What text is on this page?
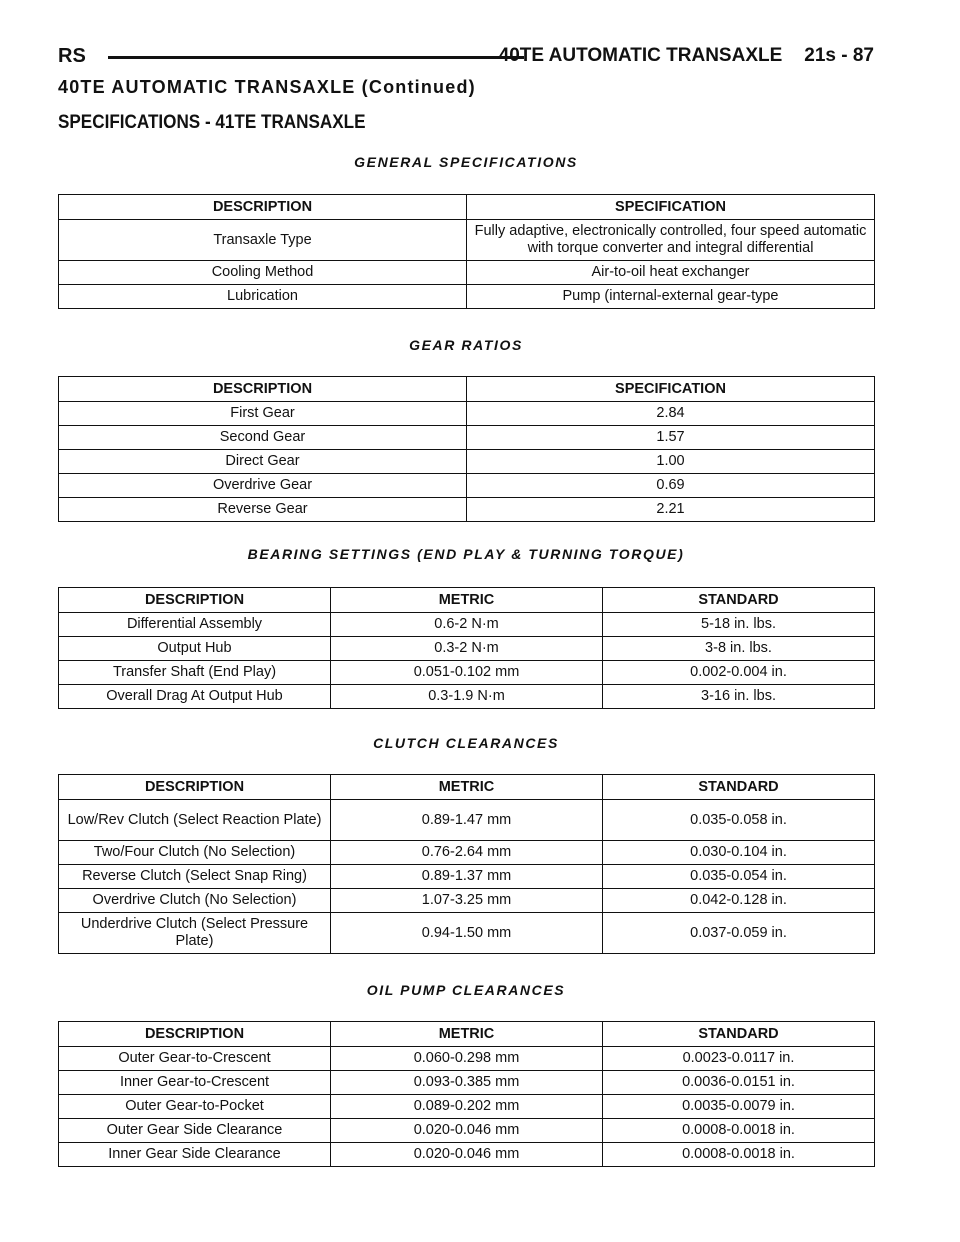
RS	40TE AUTOMATIC TRANSAXLE 21s - 87
40TE AUTOMATIC TRANSAXLE (Continued)
SPECIFICATIONS - 41TE TRANSAXLE
GENERAL SPECIFICATIONS
DESCRIPTION	SPECIFICATION
Transaxle Type	Fully adaptive, electronically controlled, four speed automatic with torque converter and integral differential
Cooling Method	Air-to-oil heat exchanger
Lubrication	Pump (internal-external gear-type
GEAR RATIOS
DESCRIPTION	SPECIFICATION
First Gear	2.84
Second Gear	1.57
Direct Gear	1.00
Overdrive Gear	0.69
Reverse Gear	2.21
BEARING SETTINGS (END PLAY & TURNING TORQUE)
DESCRIPTION	METRIC	STANDARD
Differential Assembly	0.6-2 N·m	5-18 in. lbs.
Output Hub	0.3-2 N·m	3-8 in. lbs.
Transfer Shaft (End Play)	0.051-0.102 mm	0.002-0.004 in.
Overall Drag At Output Hub	0.3-1.9 N·m	3-16 in. lbs.
CLUTCH CLEARANCES
DESCRIPTION	METRIC	STANDARD
Low/Rev Clutch (Select Reaction Plate)	0.89-1.47 mm	0.035-0.058 in.
Two/Four Clutch (No Selection)	0.76-2.64 mm	0.030-0.104 in.
Reverse Clutch (Select Snap Ring)	0.89-1.37 mm	0.035-0.054 in.
Overdrive Clutch (No Selection)	1.07-3.25 mm	0.042-0.128 in.
Underdrive Clutch (Select Pressure Plate)	0.94-1.50 mm	0.037-0.059 in.
OIL PUMP CLEARANCES
DESCRIPTION	METRIC	STANDARD
Outer Gear-to-Crescent	0.060-0.298 mm	0.0023-0.0117 in.
Inner Gear-to-Crescent	0.093-0.385 mm	0.0036-0.0151 in.
Outer Gear-to-Pocket	0.089-0.202 mm	0.0035-0.0079 in.
Outer Gear Side Clearance	0.020-0.046 mm	0.0008-0.0018 in.
Inner Gear Side Clearance	0.020-0.046 mm	0.0008-0.0018 in.
